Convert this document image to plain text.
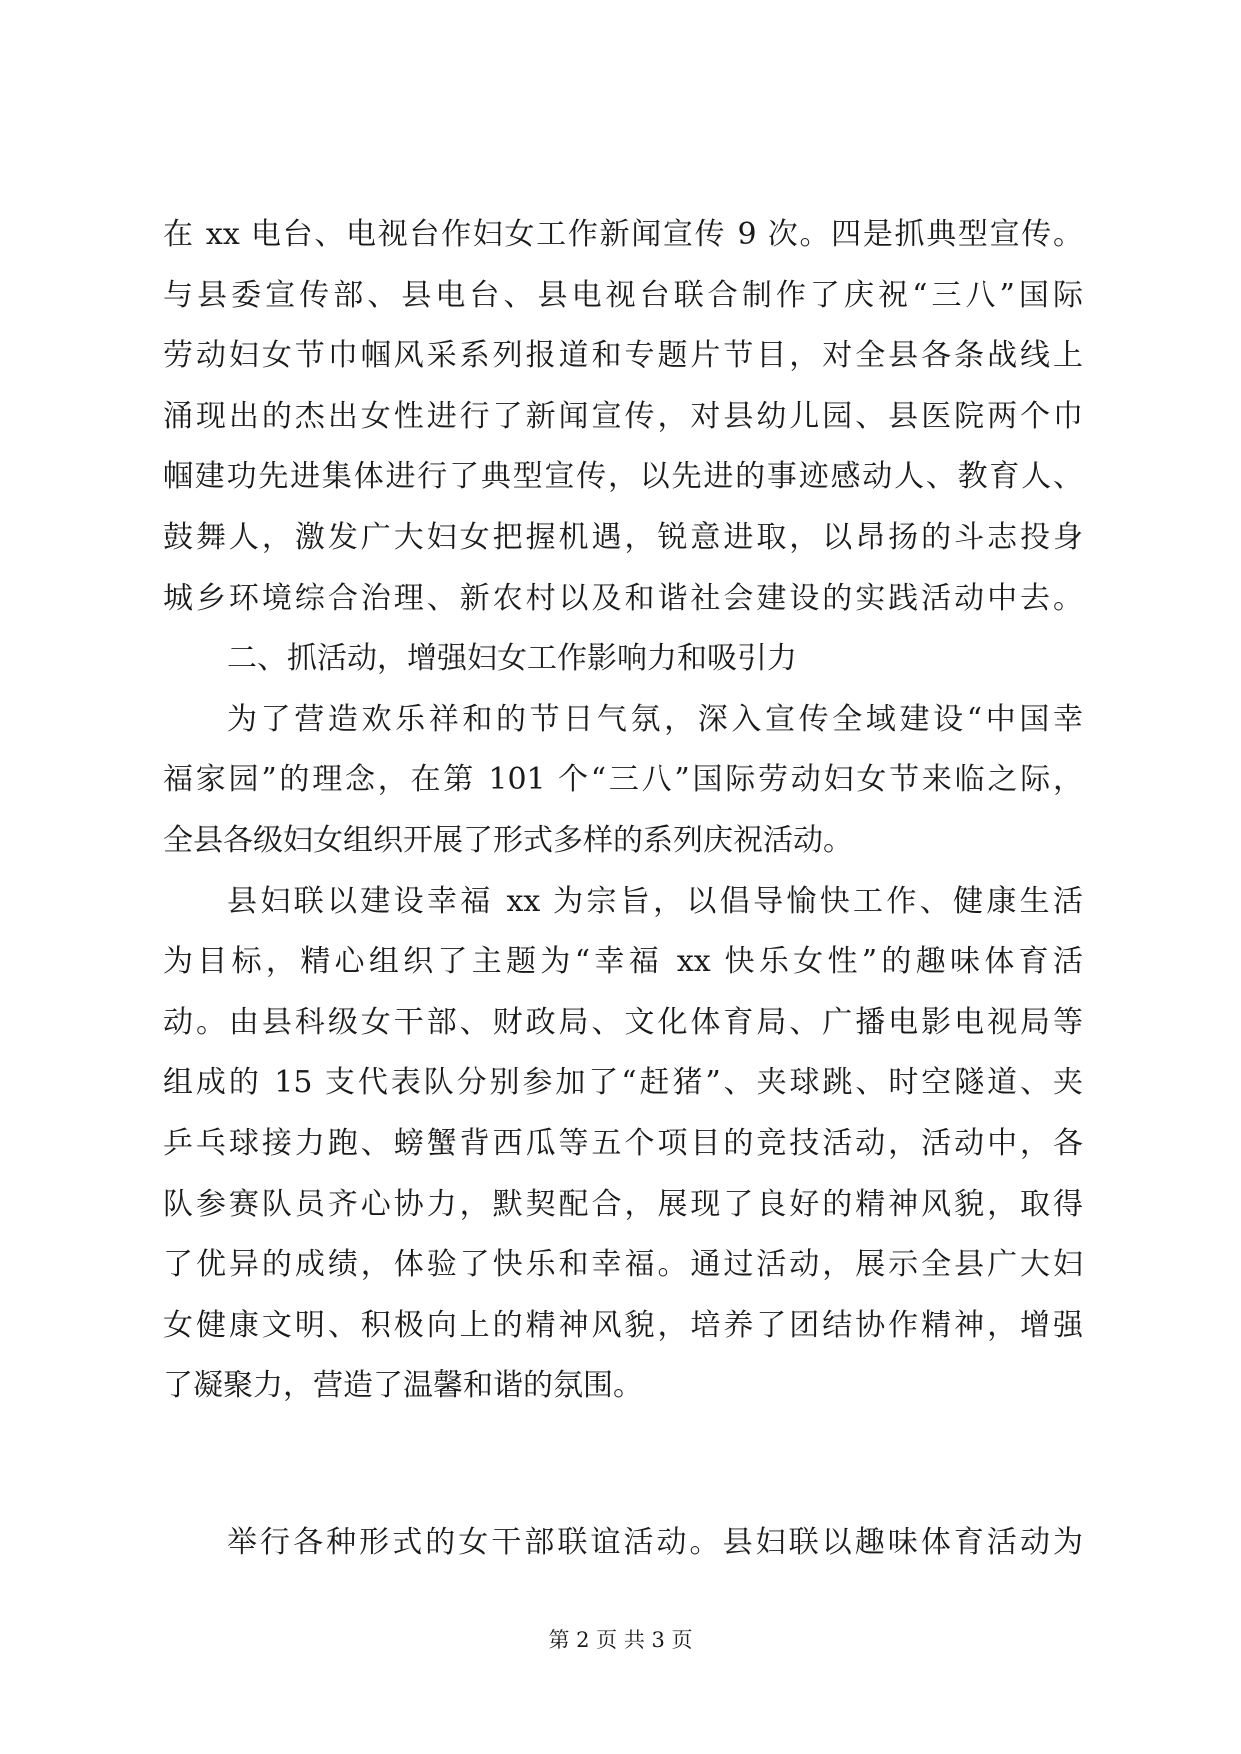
在 xx 电台、电视台作妇女工作新闻宣传 9 次。四是抓典型宣传。
与县委宣传部、县电台、县电视台联合制作了庆祝“三八”国际
劳动妇女节巾帼风采系列报道和专题片节目，对全县各条战线上
涌现出的杰出女性进行了新闻宣传，对县幼儿园、县医院两个巾
帼建功先进集体进行了典型宣传，以先进的事迹感动人、教育人、
鼓舞人，激发广大妇女把握机遇，锐意进取，以昂扬的斗志投身
城乡环境综合治理、新农村以及和谐社会建设的实践活动中去。
二、抓活动，增强妇女工作影响力和吸引力
为了营造欢乐祥和的节日气氛，深入宣传全域建设“中国幸
福家园”的理念，在第 101 个“三八”国际劳动妇女节来临之际，
全县各级妇女组织开展了形式多样的系列庆祝活动。
县妇联以建设幸福 xx 为宗旨，以倡导愉快工作、健康生活
为目标，精心组织了主题为“幸福 xx 快乐女性”的趣味体育活
动。由县科级女干部、财政局、文化体育局、广播电影电视局等
组成的 15 支代表队分别参加了“赶猪”、夹球跳、时空隧道、夹
乒乓球接力跑、螃蟹背西瓜等五个项目的竞技活动，活动中，各
队参赛队员齐心协力，默契配合，展现了良好的精神风貌，取得
了优异的成绩，体验了快乐和幸福。通过活动，展示全县广大妇
女健康文明、积极向上的精神风貌，培养了团结协作精神，增强
了凝聚力，营造了温馨和谐的氛围。
举行各种形式的女干部联谊活动。县妇联以趣味体育活动为
第 2 页 共 3 页
